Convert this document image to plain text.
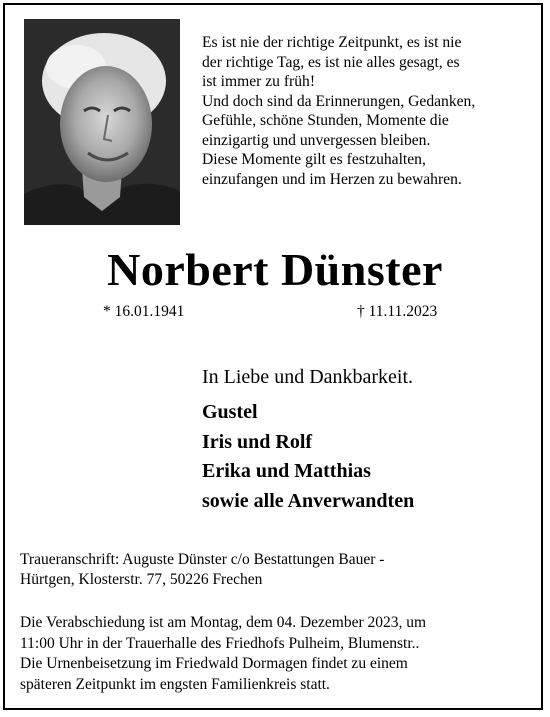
Es ist nie der richtige Zeitpunkt, es ist nie
der richtige Tag, es ist nie alles gesagt, es
ist immer zu früh!
Und doch sind da Erinnerungen, Gedanken,
Gefühle, schöne Stunden, Momente die
einzigartig und unvergessen bleiben.
Diese Momente gilt es festzuhalten,
einzufangen und im Herzen zu bewahren.
Norbert Dünster
* 16.01.1941	† 11.11.2023
In Liebe und Dankbarkeit.
Gustel
Iris und Rolf
Erika und Matthias
sowie alle Anverwandten
Traueranschrift: Auguste Dünster c/o Bestattungen Bauer -
Hürtgen, Klosterstr. 77, 50226 Frechen
Die Verabschiedung ist am Montag, dem 04. Dezember 2023, um
11:00 Uhr in der Trauerhalle des Friedhofs Pulheim, Blumenstr..
Die Urnenbeisetzung im Friedwald Dormagen findet zu einem
späteren Zeitpunkt im engsten Familienkreis statt.
